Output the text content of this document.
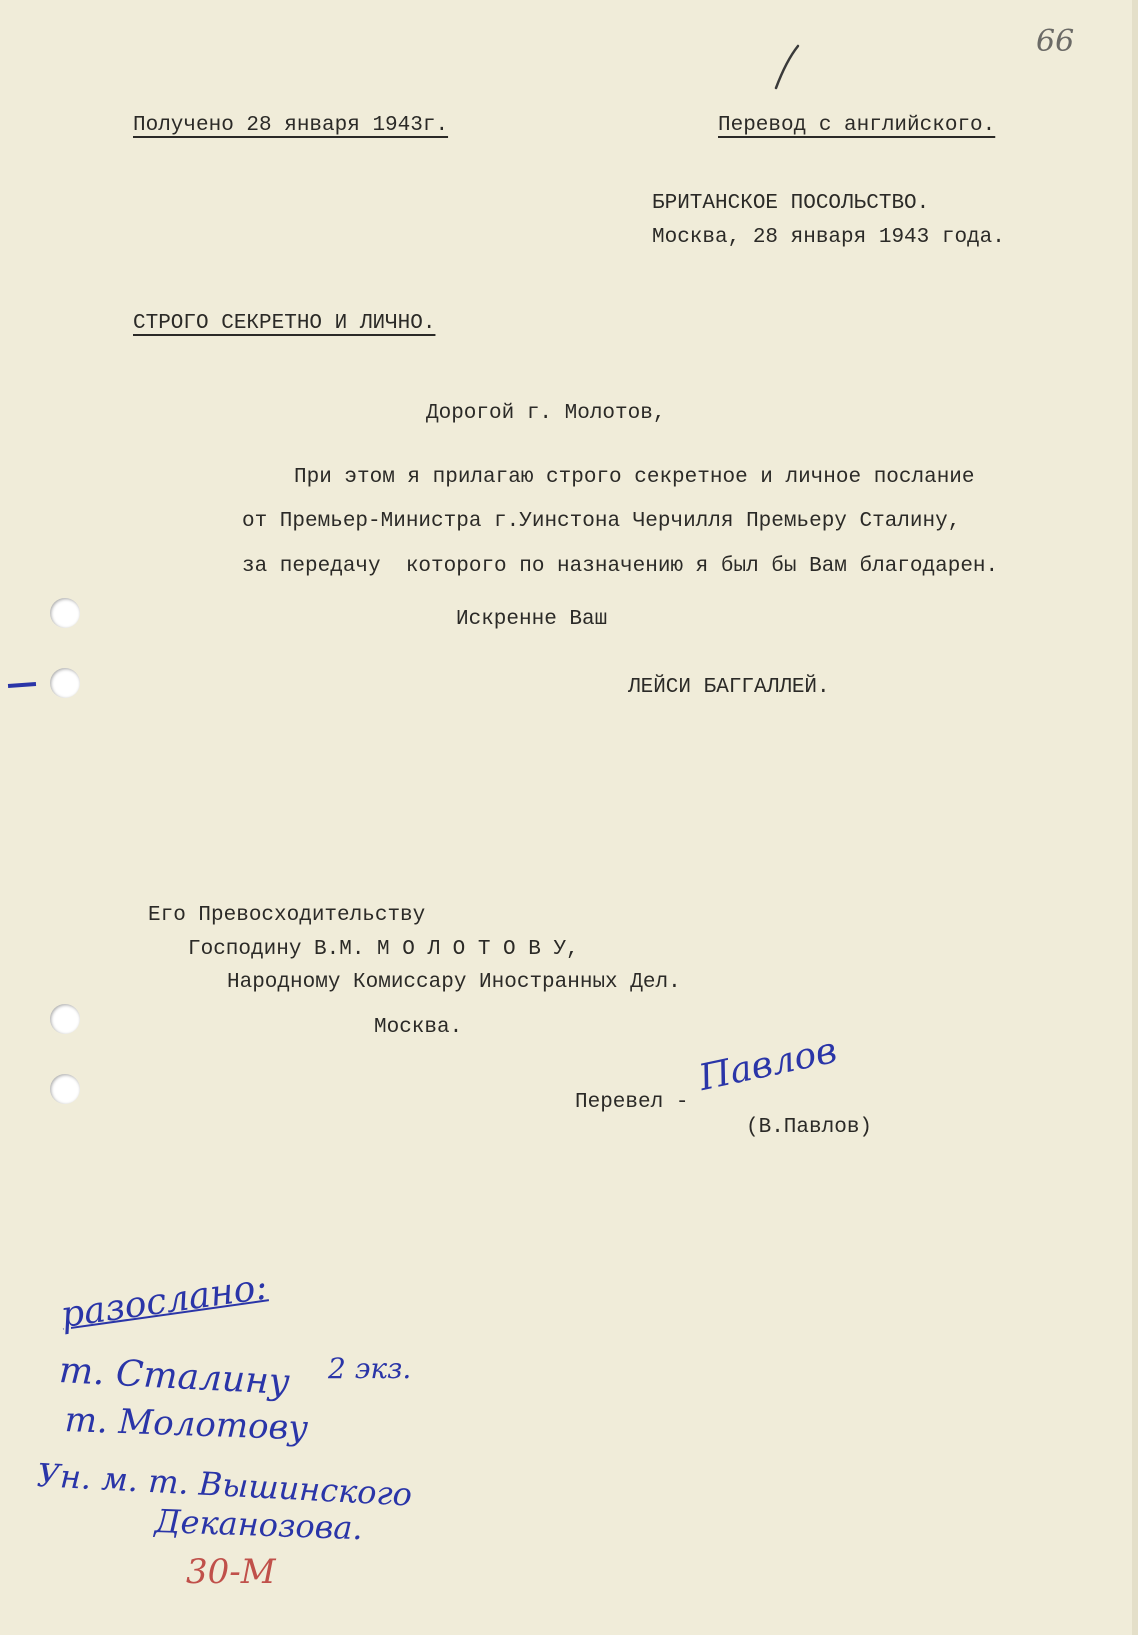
66
Получено 28 января 1943г.	Перевод с английского.
БРИТАНСКОЕ ПОСОЛЬСТВО.
Москва, 28 января 1943 года.
СТРОГО СЕКРЕТНО И ЛИЧНО.
Дорогой г. Молотов,
При этом я прилагаю строго секретное и личное послание
от Премьер-Министра г.Уинстона Черчилля Премьеру Сталину,
за передачу  которого по назначению я был бы Вам благодарен.
Искренне Ваш
ЛЕЙСИ БАГГАЛЛЕЙ.
Его Превосходительству
Господину В.М. М О Л О Т О В У,
Народному Комиссару Иностранных Дел.
Москва.
Перевел -
Павлов
(В.Павлов)
разослано:
т. Сталину 2 экз.
т. Молотову
Ун. м. т. Вышинского
Деканозова.
30-М
